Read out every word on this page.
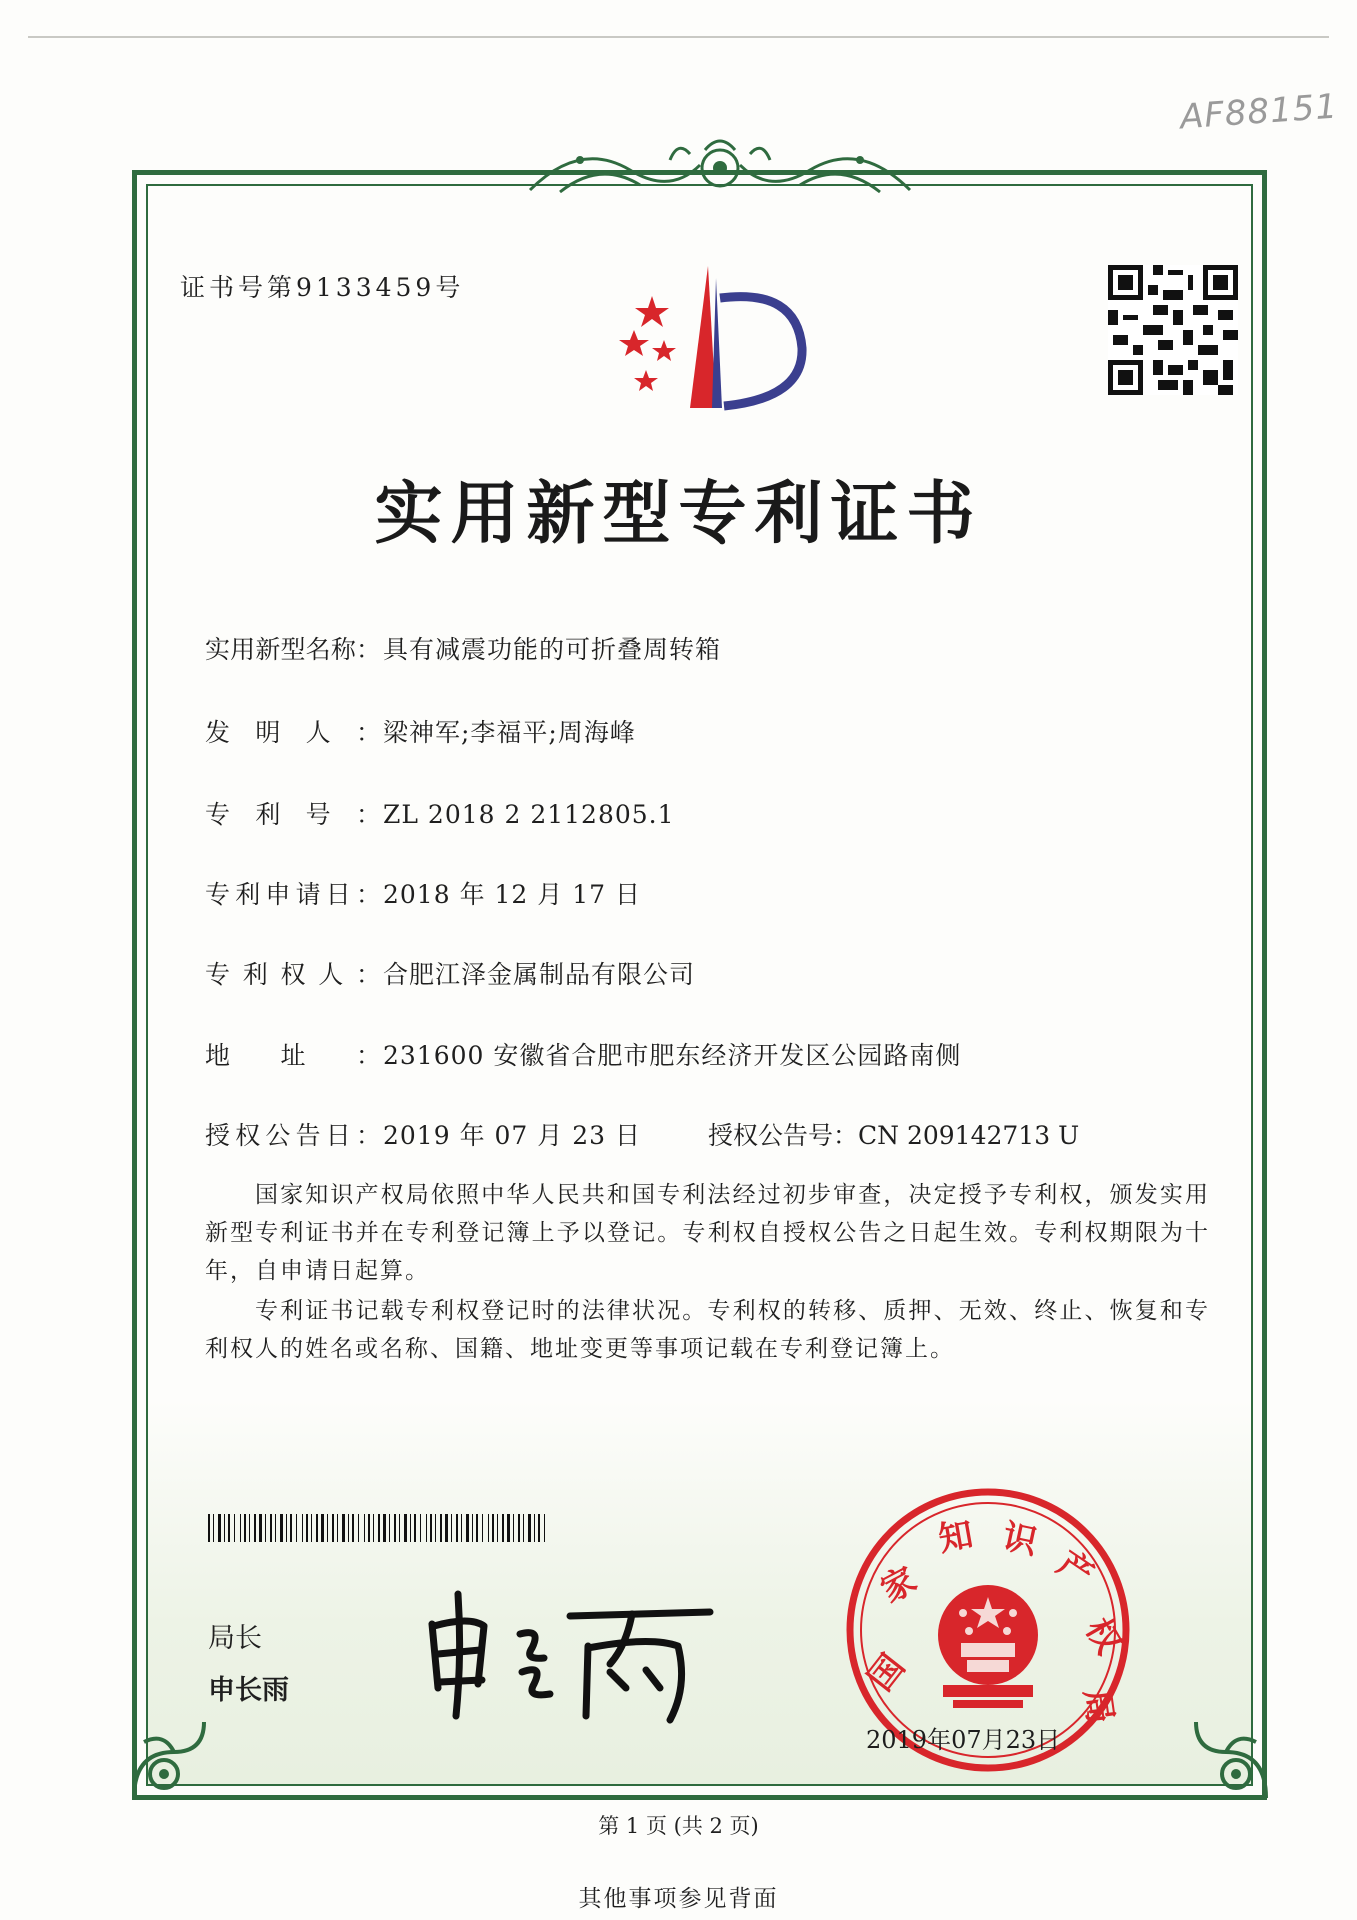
AF88151
证书号第9133459号
实用新型专利证书
实用新型名称：具有减震功能的可折叠周转箱
发明人：梁神军;李福平;周海峰
专利号：ZL 2018 2 2112805.1
专利申请日：2018 年 12 月 17 日
专利权人：合肥江泽金属制品有限公司
地址：231600 安徽省合肥市肥东经济开发区公园路南侧
授权公告日：2019 年 07 月 23 日	授权公告号：CN 209142713 U
国家知识产权局依照中华人民共和国专利法经过初步审查，决定授予专利权，颁发实用新型专利证书并在专利登记簿上予以登记。专利权自授权公告之日起生效。专利权期限为十年，自申请日起算。
专利证书记载专利权登记时的法律状况。专利权的转移、质押、无效、终止、恢复和专利权人的姓名或名称、国籍、地址变更等事项记载在专利登记簿上。
局长
申长雨	国
家
知 识
产
权
局
2019年07月23日
第 1 页 (共 2 页)
其他事项参见背面
